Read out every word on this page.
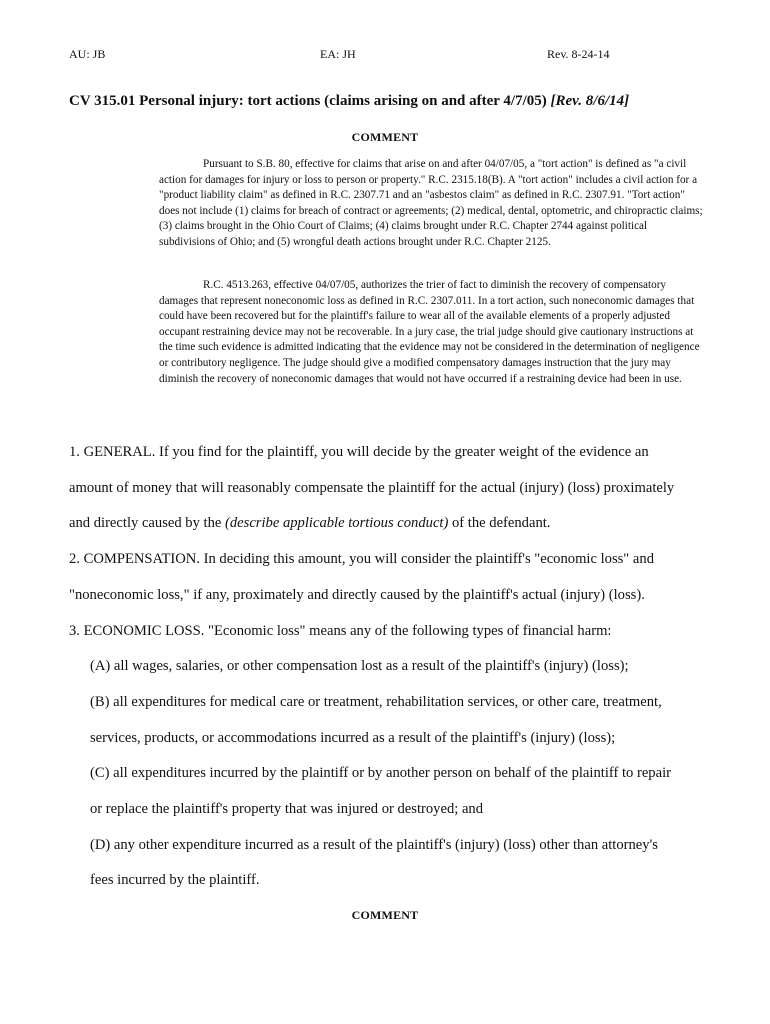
AU: JB	EA: JH	Rev. 8-24-14
CV 315.01 Personal injury: tort actions (claims arising on and after 4/7/05) [Rev. 8/6/14]
COMMENT

Pursuant to S.B. 80, effective for claims that arise on and after 04/07/05, a "tort action" is defined as "a civil action for damages for injury or loss to person or property." R.C. 2315.18(B). A "tort action" includes a civil action for a "product liability claim" as defined in R.C. 2307.71 and an "asbestos claim" as defined in R.C. 2307.91. "Tort action" does not include (1) claims for breach of contract or agreements; (2) medical, dental, optometric, and chiropractic claims; (3) claims brought in the Ohio Court of Claims; (4) claims brought under R.C. Chapter 2744 against political subdivisions of Ohio; and (5) wrongful death actions brought under R.C. Chapter 2125.

R.C. 4513.263, effective 04/07/05, authorizes the trier of fact to diminish the recovery of compensatory damages that represent noneconomic loss as defined in R.C. 2307.011. In a tort action, such noneconomic damages that could have been recovered but for the plaintiff's failure to wear all of the available elements of a properly adjusted occupant restraining device may not be recoverable. In a jury case, the trial judge should give cautionary instructions at the time such evidence is admitted indicating that the evidence may not be considered in the determination of negligence or contributory negligence. The judge should give a modified compensatory damages instruction that the jury may diminish the recovery of noneconomic damages that would not have occurred if a restraining device had been in use.

1. GENERAL. If you find for the plaintiff, you will decide by the greater weight of the evidence an
amount of money that will reasonably compensate the plaintiff for the actual (injury) (loss) proximately
and directly caused by the (describe applicable tortious conduct) of the defendant.
2. COMPENSATION. In deciding this amount, you will consider the plaintiff's "economic loss" and
"noneconomic loss," if any, proximately and directly caused by the plaintiff's actual (injury) (loss).
3. ECONOMIC LOSS. "Economic loss" means any of the following types of financial harm:
(A) all wages, salaries, or other compensation lost as a result of the plaintiff's (injury) (loss);
(B) all expenditures for medical care or treatment, rehabilitation services, or other care, treatment,
services, products, or accommodations incurred as a result of the plaintiff's (injury) (loss);
(C) all expenditures incurred by the plaintiff or by another person on behalf of the plaintiff to repair
or replace the plaintiff's property that was injured or destroyed; and
(D) any other expenditure incurred as a result of the plaintiff's (injury) (loss) other than attorney's
fees incurred by the plaintiff.
COMMENT
